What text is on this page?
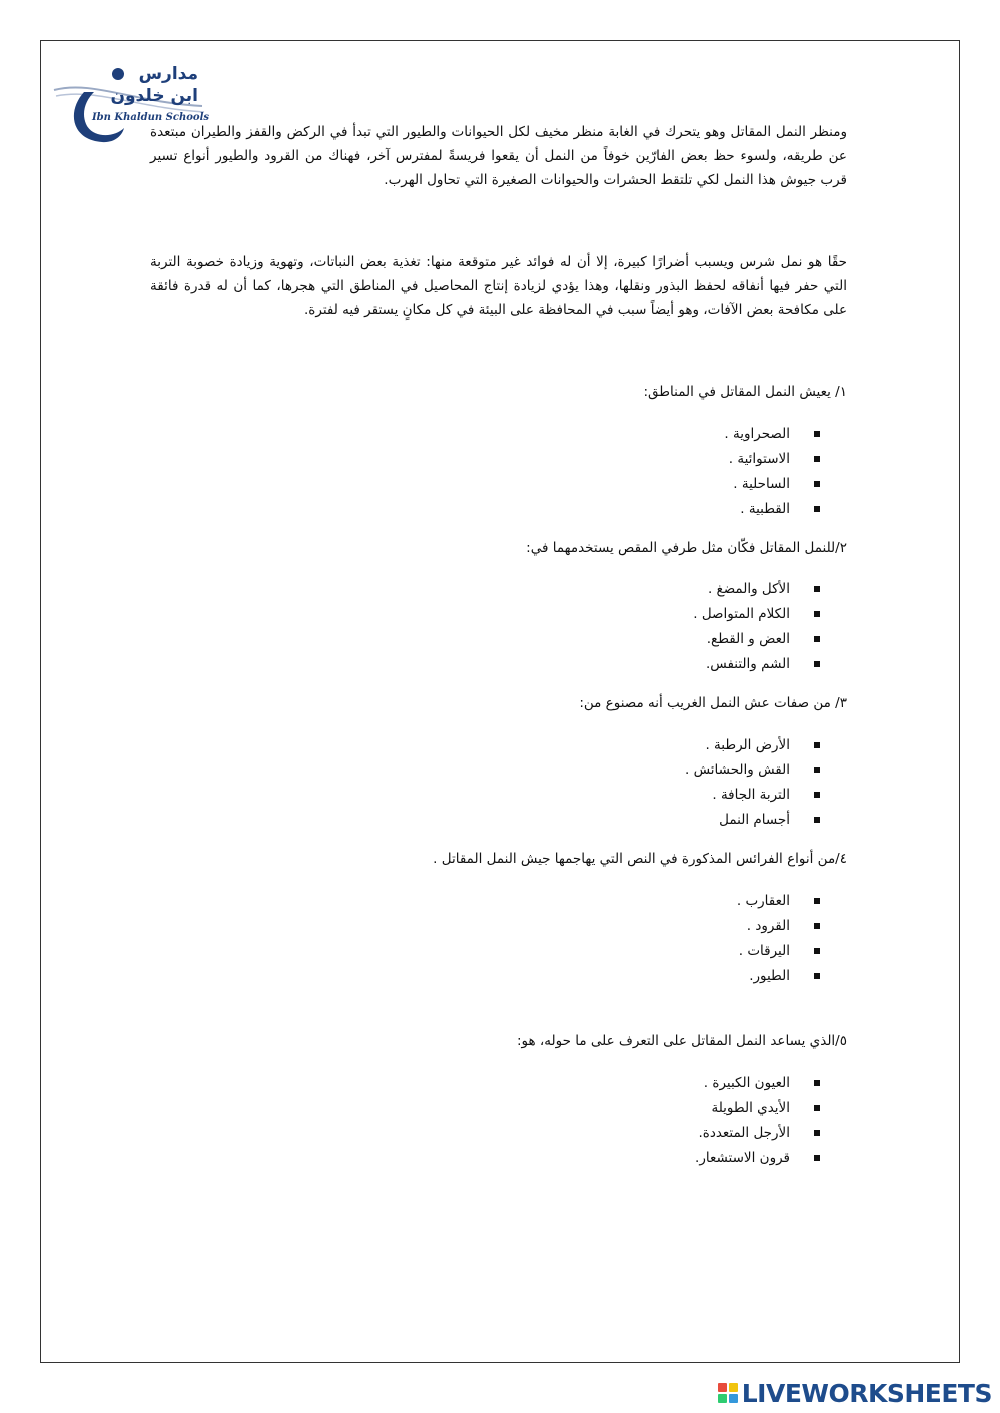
مدارس
ابن خلدون
Ibn Khaldun Schools

ومنظر النمل المقاتل وهو يتحرك في الغابة منظر مخيف لكل الحيوانات والطيور التي تبدأ في الركض والقفز والطيران مبتعدة عن طريقه، ولسوء حظ بعض الفارّين خوفاً من النمل أن يقعوا فريسةً لمفترس آخر، فهناك من القرود والطيور أنواع تسير قرب جيوش هذا النمل لكي تلتقط الحشرات والحيوانات الصغيرة التي تحاول الهرب.

حقًا هو نمل شرس ويسبب أضرارًا كبيرة، إلا أن له فوائد غير متوقعة منها: تغذية بعض النباتات، وتهوية وزيادة خصوبة التربة التي حفر فيها أنفاقه لحفظ البذور ونقلها، وهذا يؤدي لزيادة إنتاج المحاصيل في المناطق التي هجرها، كما أن له قدرة فائقة على مكافحة بعض الآفات، وهو أيضاً سبب في المحافظة على البيئة في كل مكانٍ يستقر فيه لفترة.

١/ يعيش النمل المقاتل في المناطق:

الصحراوية .
الاستوائية .
الساحلية .
القطبية .

٢/للنمل المقاتل فكّان مثل طرفي المقص يستخدمهما في:

الأكل والمضغ .
الكلام المتواصل .
العض و القطع.
الشم والتنفس.

٣/ من صفات عش النمل الغريب أنه مصنوع من:

الأرض الرطبة .
القش والحشائش .
التربة الجافة .
أجسام النمل

٤/من أنواع الفرائس المذكورة في النص التي يهاجمها جيش النمل المقاتل .

العقارب .
القرود .
اليرقات .
الطيور.

٥/الذي يساعد النمل المقاتل على التعرف على ما حوله، هو:

العيون الكبيرة .
الأيدي الطويلة
الأرجل المتعددة.
قرون الاستشعار.
LIVEWORKSHEETS
